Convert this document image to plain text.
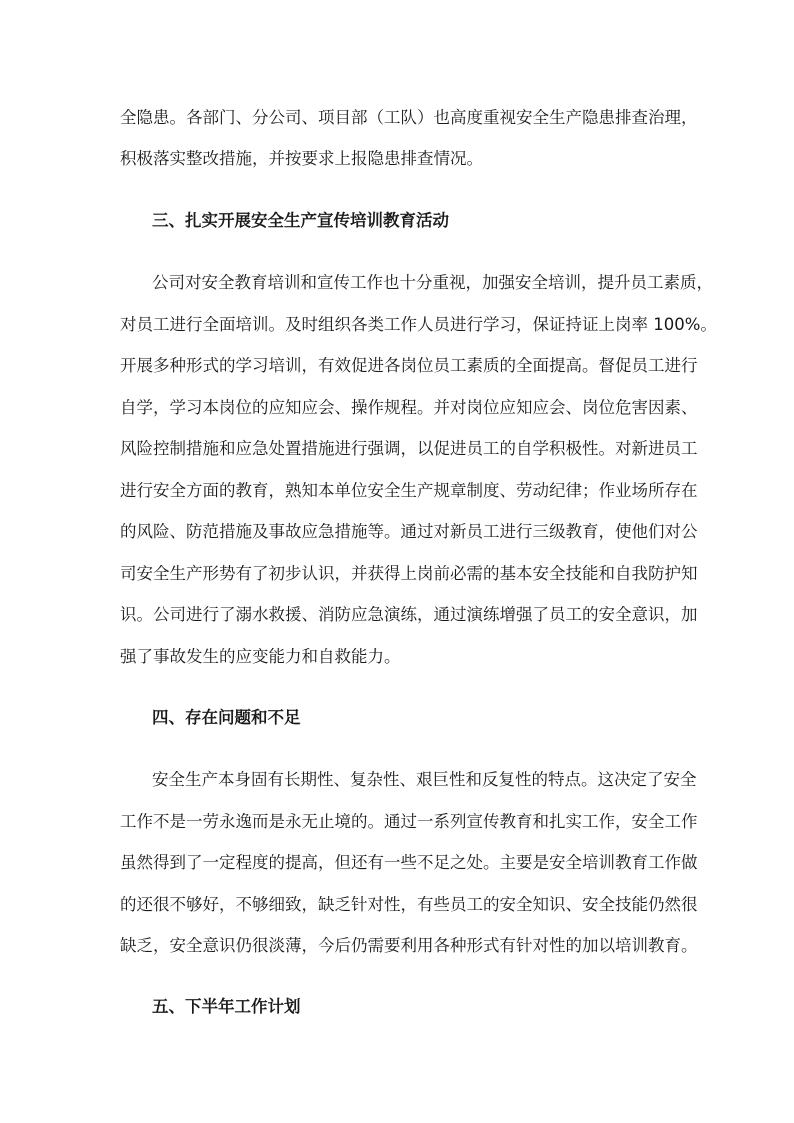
全隐患。各部门、分公司、项目部（工队）也高度重视安全生产隐患排查治理，
积极落实整改措施，并按要求上报隐患排查情况。
三、扎实开展安全生产宣传培训教育活动
公司对安全教育培训和宣传工作也十分重视，加强安全培训，提升员工素质，
对员工进行全面培训。及时组织各类工作人员进行学习，保证持证上岗率 100%。
开展多种形式的学习培训，有效促进各岗位员工素质的全面提高。督促员工进行
自学，学习本岗位的应知应会、操作规程。并对岗位应知应会、岗位危害因素、
风险控制措施和应急处置措施进行强调，以促进员工的自学积极性。对新进员工
进行安全方面的教育，熟知本单位安全生产规章制度、劳动纪律；作业场所存在
的风险、防范措施及事故应急措施等。通过对新员工进行三级教育，使他们对公
司安全生产形势有了初步认识，并获得上岗前必需的基本安全技能和自我防护知
识。公司进行了溺水救援、消防应急演练，通过演练增强了员工的安全意识，加
强了事故发生的应变能力和自救能力。
四、存在问题和不足
安全生产本身固有长期性、复杂性、艰巨性和反复性的特点。这决定了安全
工作不是一劳永逸而是永无止境的。通过一系列宣传教育和扎实工作，安全工作
虽然得到了一定程度的提高，但还有一些不足之处。主要是安全培训教育工作做
的还很不够好，不够细致，缺乏针对性，有些员工的安全知识、安全技能仍然很
缺乏，安全意识仍很淡薄，今后仍需要利用各种形式有针对性的加以培训教育。
五、下半年工作计划
